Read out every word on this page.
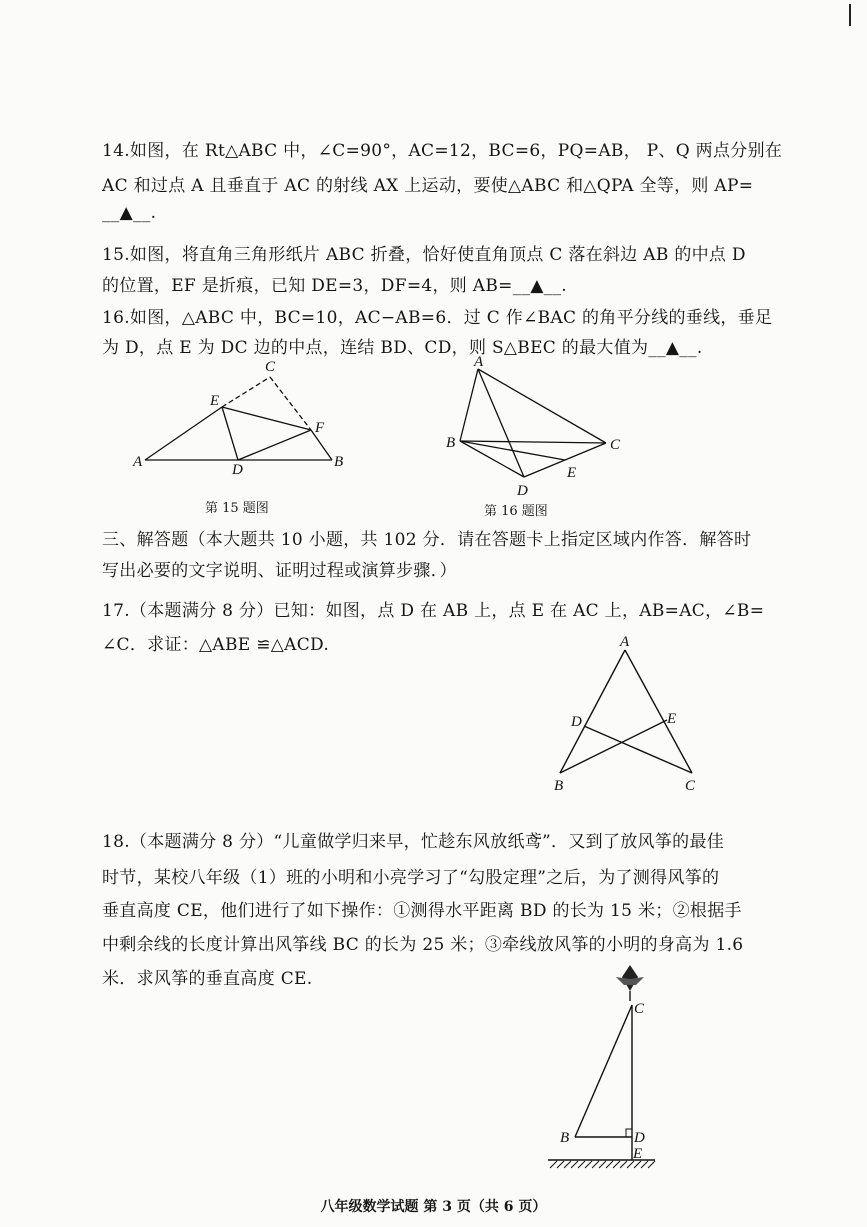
14.如图，在 Rt△ABC 中，∠C=90°，AC=12，BC=6，PQ=AB， P、Q 两点分别在
AC 和过点 A 且垂直于 AC 的射线 AX 上运动，要使△ABC 和△QPA 全等，则 AP=
__▲__.
15.如图，将直角三角形纸片 ABC 折叠，恰好使直角顶点 C 落在斜边 AB 的中点 D
的位置，EF 是折痕，已知 DE=3，DF=4，则 AB=__▲__.
16.如图，△ABC 中，BC=10，AC−AB=6．过 C 作∠BAC 的角平分线的垂线，垂足
为 D，点 E 为 DC 边的中点，连结 BD、CD，则 S△BEC 的最大值为__▲__.
A	B
C
D
E
F
第 15 题图
A
B	C
D
E
第 16 题图
三、解答题（本大题共 10 小题，共 102 分．请在答题卡上指定区域内作答．解答时
写出必要的文字说明、证明过程或演算步骤．）
17.（本题满分 8 分）已知：如图，点 D 在 AB 上，点 E 在 AC 上，AB=AC，∠B=
∠C．求证：△ABE ≌△ACD.	A
B	C
D	E
18.（本题满分 8 分）“儿童做学归来早，忙趁东风放纸鸢”．又到了放风筝的最佳
时节，某校八年级（1）班的小明和小亮学习了“勾股定理”之后，为了测得风筝的
垂直高度 CE，他们进行了如下操作：①测得水平距离 BD 的长为 15 米；②根据手
中剩余线的长度计算出风筝线 BC 的长为 25 米；③牵线放风筝的小明的身高为 1.6
米．求风筝的垂直高度 CE.
C
B	D
E
八年级数学试题 第 3 页（共 6 页）
